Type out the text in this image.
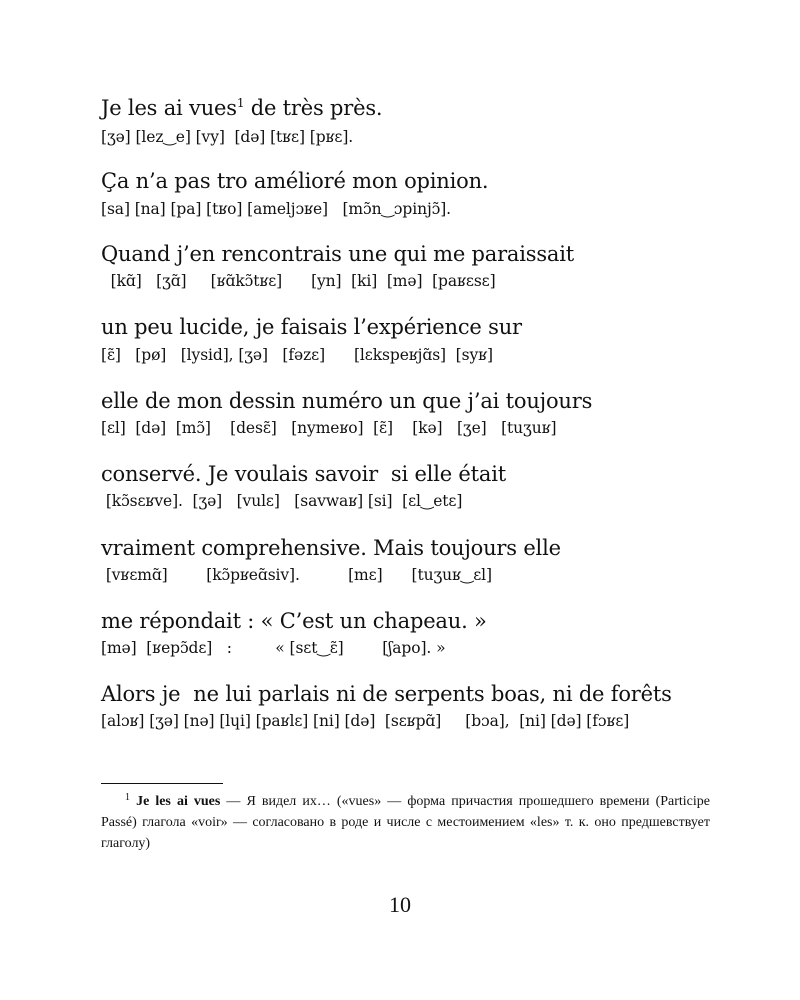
Je les ai vues$^1$ de très près.
[ʒə] [lez‿e] [vy]  [də] [tʁɛ] [pʁɛ].
Ça n’a pas tro amélioré mon opinion.
[sa] [na] [pa] [tʁo] [ameljɔʁe]   [mɔ̃n‿ɔpinjɔ̃].
Quand j’en rencontrais une qui me paraissait
[kɑ̃]   [ʒɑ̃]     [ʁɑ̃kɔ̃tʁɛ]      [yn]  [ki]  [mə]  [paʁɛsɛ]
un peu lucide, je faisais l’expérience sur
[ɛ̃]   [pø]   [lysid], [ʒə]   [fəzɛ]      [lɛkspeʁjɑ̃s]  [syʁ]
elle de mon dessin numéro un que j’ai toujours
[ɛl]  [də]  [mɔ̃]    [desɛ̃]   [nymeʁo]  [ɛ̃]    [kə]   [ʒe]   [tuʒuʁ]
conservé. Je voulais savoir  si elle était
[kɔ̃sɛʁve].  [ʒə]   [vulɛ]   [savwaʁ] [si]  [ɛl‿etɛ]
vraiment comprehensive. Mais toujours elle
[vʁɛmɑ̃]        [kɔ̃pʁeɑ̃siv].          [mɛ]      [tuʒuʁ‿ɛl]
me répondait : « C’est un chapeau. »
[mə]  [ʁepɔ̃dɛ]   :         « [sɛt‿ɛ̃]        [ʃapo]. »
Alors je  ne lui parlais ni de serpents boas, ni de forêts
[alɔʁ] [ʒə] [nə] [lɥi] [paʁlɛ] [ni] [də]  [sɛʁpɑ̃]     [bɔa],  [ni] [də] [fɔʁɛ]
$^1$ Je les ai vues — Я видел их… («vues» — форма причастия прошедшего времени (Participe Passé) глагола «voir» — согласовано в роде и числе с местоимением «les» т. к. оно предшевствует глаголу)
10
